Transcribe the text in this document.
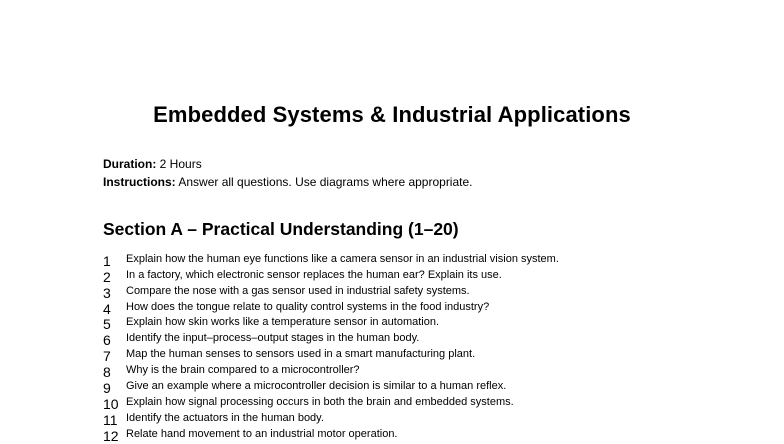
Embedded Systems & Industrial Applications

Duration: 2 Hours

Instructions: Answer all questions. Use diagrams where appropriate.

Section A – Practical Understanding (1–20)
1	Explain how the human eye functions like a camera sensor in an industrial vision system.
2	In a factory, which electronic sensor replaces the human ear? Explain its use.
3	Compare the nose with a gas sensor used in industrial safety systems.
4	How does the tongue relate to quality control systems in the food industry?
5	Explain how skin works like a temperature sensor in automation.
6	Identify the input–process–output stages in the human body.
7	Map the human senses to sensors used in a smart manufacturing plant.
8	Why is the brain compared to a microcontroller?
9	Give an example where a microcontroller decision is similar to a human reflex.
10 Explain how signal processing occurs in both the brain and embedded systems.
11 Identify the actuators in the human body.
12 Relate hand movement to an industrial motor operation.
